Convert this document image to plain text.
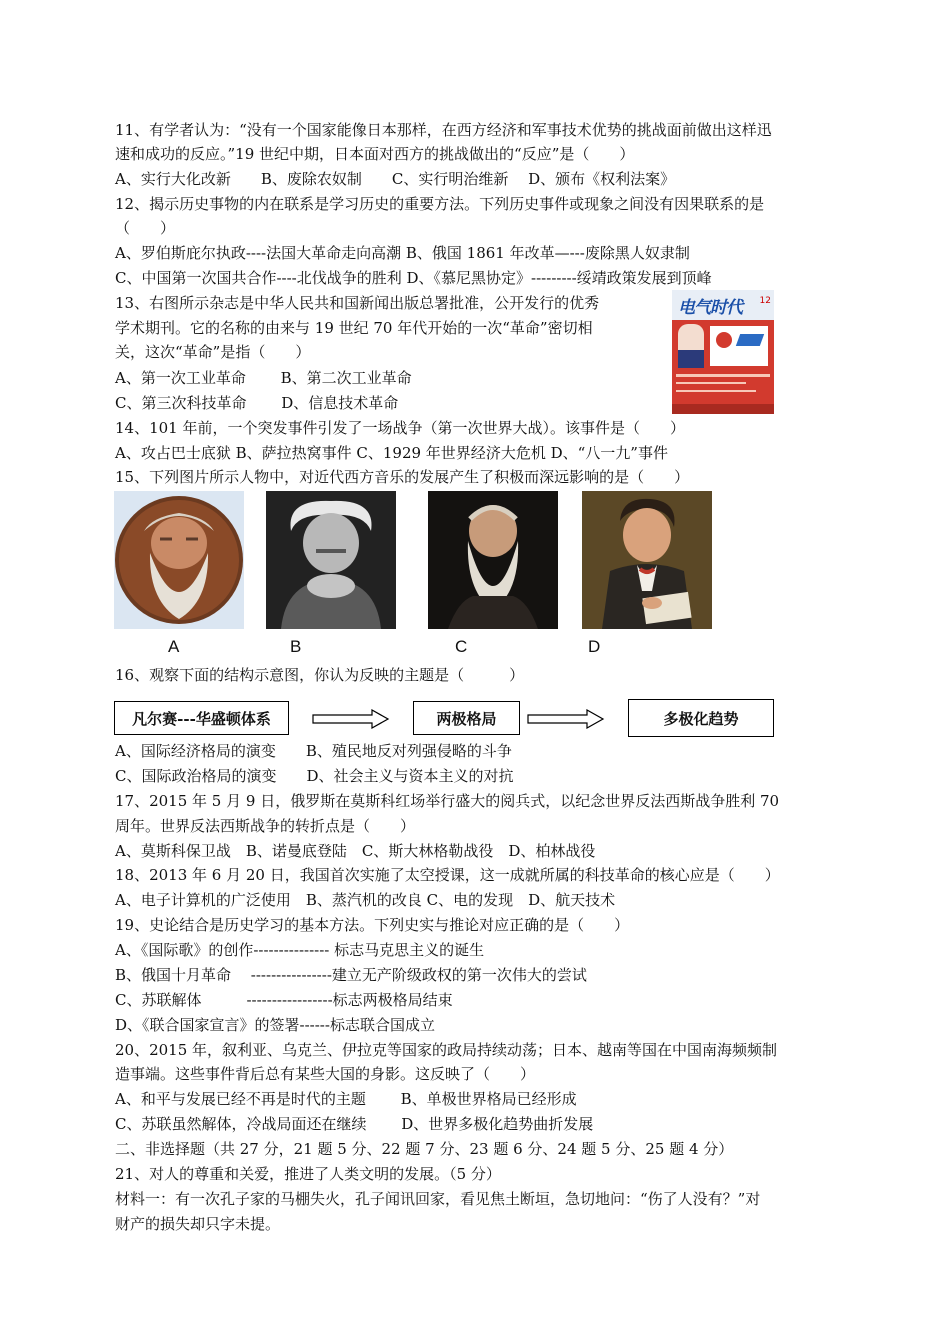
11、有学者认为：“没有一个国家能像日本那样，在西方经济和军事技术优势的挑战面前做出这样迅
速和成功的反应。”19 世纪中期，日本面对西方的挑战做出的“反应”是（　　）
A、实行大化改新　　B、废除农奴制　　C、实行明治维新　 D、颁布《权利法案》
12、揭示历史事物的内在联系是学习历史的重要方法。下列历史事件或现象之间没有因果联系的是
（　　）
A、罗伯斯庇尔执政----法国大革命走向高潮 B、俄国 1861 年改革—---废除黑人奴隶制
C、中国第一次国共合作----北伐战争的胜利 D、《慕尼黑协定》---------绥靖政策发展到顶峰
13、右图所示杂志是中华人民共和国新闻出版总署批准，公开发行的优秀
学术期刊。它的名称的由来与 19 世纪 70 年代开始的一次“革命”密切相
关，这次“革命”是指（　　）
A、第一次工业革命　　 B、第二次工业革命
C、第三次科技革命　　 D、信息技术革命
电气时代 12
14、101 年前，一个突发事件引发了一场战争（第一次世界大战）。该事件是（　　）
A、攻占巴士底狱 B、萨拉热窝事件 C、1929 年世界经济大危机 D、“八一九”事件
15、下列图片所示人物中，对近代西方音乐的发展产生了积极而深远影响的是（　　）
A	B	C	D
16、观察下面的结构示意图，你认为反映的主题是（　　　）
凡尔赛---华盛顿体系	两极格局	多极化趋势
A、国际经济格局的演变　　B、殖民地反对列强侵略的斗争
C、国际政治格局的演变　　D、社会主义与资本主义的对抗
17、2015 年 5 月 9 日，俄罗斯在莫斯科红场举行盛大的阅兵式，以纪念世界反法西斯战争胜利 70
周年。世界反法西斯战争的转折点是（　　）
A、莫斯科保卫战　B、诺曼底登陆　C、斯大林格勒战役　D、柏林战役
18、2013 年 6 月 20 日，我国首次实施了太空授课，这一成就所属的科技革命的核心应是（　　）
A、电子计算机的广泛使用　B、蒸汽机的改良 C、电的发现　D、航天技术
19、史论结合是历史学习的基本方法。下列史实与推论对应正确的是（　　）
A、《国际歌》的创作--------------- 标志马克思主义的诞生
B、俄国十月革命　 ----------------建立无产阶级政权的第一次伟大的尝试
C、苏联解体　　　-----------------标志两极格局结束
D、《联合国家宣言》的签署------标志联合国成立
20、2015 年，叙利亚、乌克兰、伊拉克等国家的政局持续动荡；日本、越南等国在中国南海频频制
造事端。这些事件背后总有某些大国的身影。这反映了（　　）
A、和平与发展已经不再是时代的主题　　 B、单极世界格局已经形成
C、苏联虽然解体，冷战局面还在继续　　 D、世界多极化趋势曲折发展
二、非选择题（共 27 分，21 题 5 分、22 题 7 分、23 题 6 分、24 题 5 分、25 题 4 分）
21、对人的尊重和关爱，推进了人类文明的发展。（5 分）
材料一：有一次孔子家的马棚失火，孔子闻讯回家，看见焦土断垣，急切地问：“伤了人没有？”对
财产的损失却只字未提。
